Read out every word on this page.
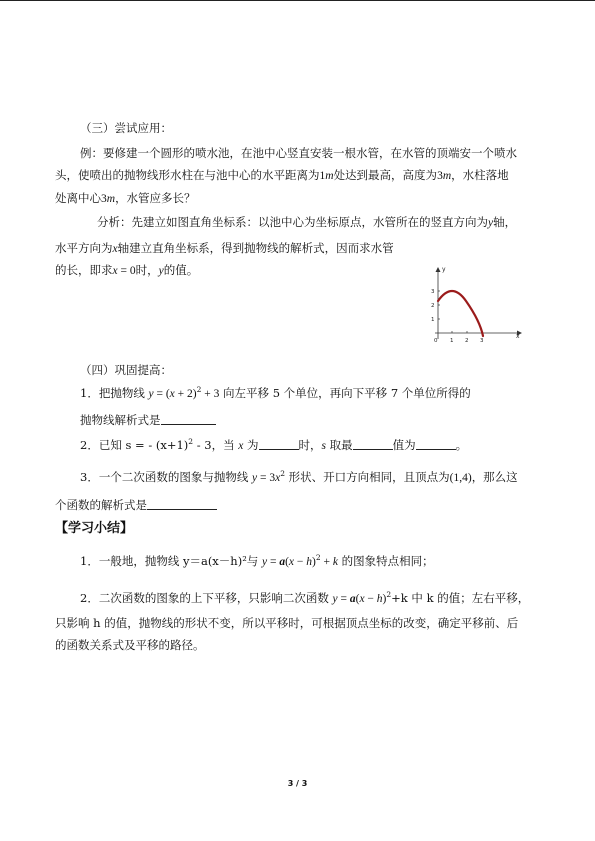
（三）尝试应用：
例：要修建一个圆形的喷水池，在池中心竖直安装一根水管，在水管的顶端安一个喷水
头，使喷出的抛物线形水柱在与池中心的水平距离为1m处达到最高，高度为3m，水柱落地
处离中心3m，水管应多长？
分析：先建立如图直角坐标系：以池中心为坐标原点，水管所在的竖直方向为y轴，
水平方向为x轴建立直角坐标系，得到抛物线的解析式，因而求水管
的长，即求x = 0时，y的值。	y
x
3
2
1
0 1 2 3
（四）巩固提高：
1．把抛物线 $y = (x + 2)^2 + 3$ 向左平移 5 个单位，再向下平移 7 个单位所得的
抛物线解析式是
2．已知 s = - $(x+1)^2 - 3$，当 x 为	时，s 取最	值为	。
3．一个二次函数的图象与抛物线 $y = 3x^2$ 形状、开口方向相同，且顶点为(1,4)，那么这
个函数的解析式是
【学习小结】
1．一般地，抛物线 y＝a(x－h)²与 $y = a(x - h)^2 + k$ 的图象特点相同；
2．二次函数的图象的上下平移，只影响二次函数 $y = a(x - h)^2+k$ 中 k 的值；左右平移，
只影响 h 的值，抛物线的形状不变，所以平移时，可根据顶点坐标的改变，确定平移前、后
的函数关系式及平移的路径。
3 / 3
